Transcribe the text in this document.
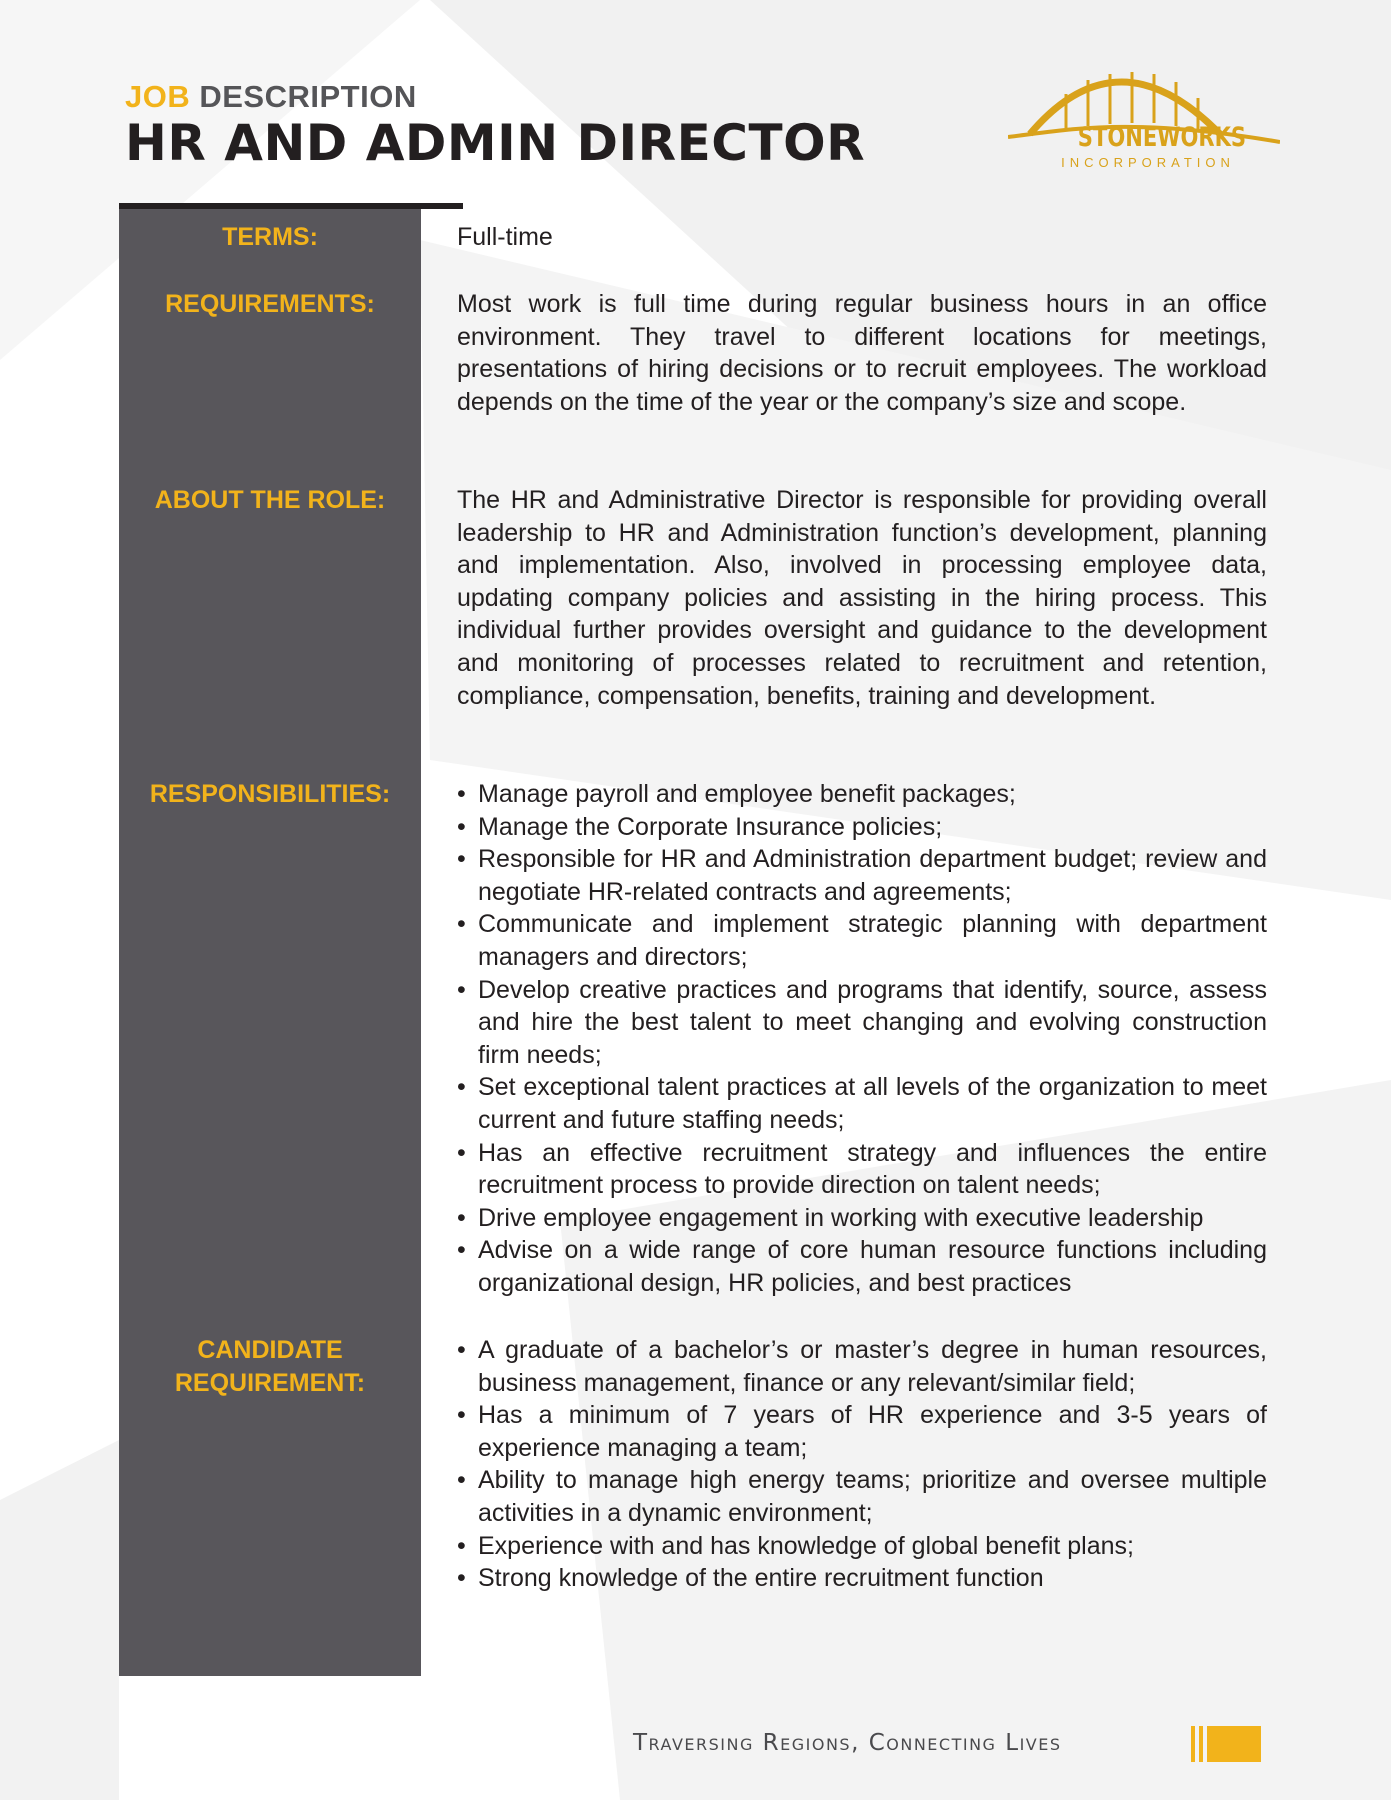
JOB DESCRIPTION
HR AND ADMIN DIRECTOR	STONEWORKS
INCORPORATION
TERMS:
REQUIREMENTS:
ABOUT THE ROLE:
RESPONSIBILITIES:
CANDIDATE
REQUIREMENT:

Full-time

Most work is full time during regular business hours in an office environment. They travel to different locations for meetings, presentations of hiring decisions or to recruit employees. The workload depends on the time of the year or the company’s size and scope.

The HR and Administrative Director is responsible for providing overall leadership to HR and Administration function’s development, planning and implementation. Also, involved in processing employee data, updating company policies and assisting in the hiring process. This individual further provides oversight and guidance to the development and monitoring of processes related to recruitment and retention, compliance, compensation, benefits, training and development.

• Manage payroll and employee benefit packages;
• Manage the Corporate Insurance policies;
• Responsible for HR and Administration department budget; review and negotiate HR-related contracts and agreements;
• Communicate and implement strategic planning with department managers and directors;
• Develop creative practices and programs that identify, source, assess and hire the best talent to meet changing and evolving construction firm needs;
• Set exceptional talent practices at all levels of the organization to meet current and future staffing needs;
• Has an effective recruitment strategy and influences the entire recruitment process to provide direction on talent needs;
• Drive employee engagement in working with executive leadership
• Advise on a wide range of core human resource functions including organizational design, HR policies, and best practices
• A graduate of a bachelor’s or master’s degree in human resources, business management, finance or any relevant/similar field;
• Has a minimum of 7 years of HR experience and 3-5 years of experience managing a team;
• Ability to manage high energy teams; prioritize and oversee multiple activities in a dynamic environment;
• Experience with and has knowledge of global benefit plans;
• Strong knowledge of the entire recruitment function
Traversing Regions, Connecting Lives
